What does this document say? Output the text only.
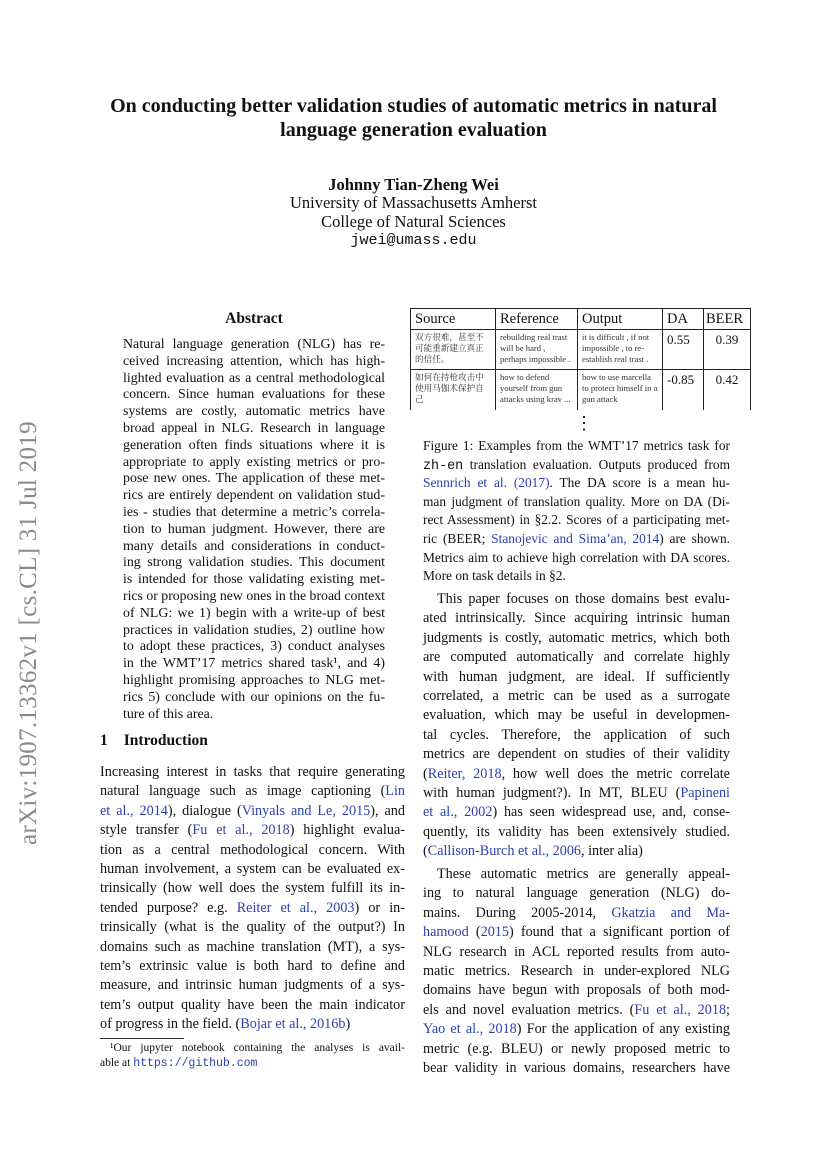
arXiv:1907.13362v1 [cs.CL] 31 Jul 2019
On conducting better validation studies of automatic metrics in natural
language generation evaluation
Johnny Tian-Zheng Wei
University of Massachusetts Amherst
College of Natural Sciences
jwei@umass.edu
Abstract
Natural language generation (NLG) has re-
ceived increasing attention, which has high-
lighted evaluation as a central methodological
concern. Since human evaluations for these
systems are costly, automatic metrics have
broad appeal in NLG. Research in language
generation often finds situations where it is
appropriate to apply existing metrics or pro-
pose new ones. The application of these met-
rics are entirely dependent on validation stud-
ies - studies that determine a metric’s correla-
tion to human judgment. However, there are
many details and considerations in conduct-
ing strong validation studies. This document
is intended for those validating existing met-
rics or proposing new ones in the broad context
of NLG: we 1) begin with a write-up of best
practices in validation studies, 2) outline how
to adopt these practices, 3) conduct analyses
in the WMT’17 metrics shared task¹, and 4)
highlight promising approaches to NLG met-
rics 5) conclude with our opinions on the fu-
ture of this area.
1 Introduction
Increasing interest in tasks that require generating
natural language such as image captioning (Lin
et al., 2014), dialogue (Vinyals and Le, 2015), and
style transfer (Fu et al., 2018) highlight evalua-
tion as a central methodological concern. With
human involvement, a system can be evaluated ex-
trinsically (how well does the system fulfill its in-
tended purpose? e.g. Reiter et al., 2003) or in-
trinsically (what is the quality of the output?) In
domains such as machine translation (MT), a sys-
tem’s extrinsic value is both hard to define and
measure, and intrinsic human judgments of a sys-
tem’s output quality have been the main indicator
of progress in the field. (Bojar et al., 2016b)
¹Our jupyter notebook containing the analyses is avail-
able at https://github.com
Source	Reference	Output	DA	BEER
双方很难，甚至不可能重新建立真正的信任。	rebuilding real trast will be hard , perhaps impossible .	it is difficult , if not impossible , to re-establish real trast .	0.55	0.39
如何在持枪攻击中使用马伽术保护自己	how to defend yourself from gun attacks using krav ...	how to use marcella to protect himself in a gun attack	-0.85	0.42
⋮
Figure 1: Examples from the WMT’17 metrics task for
zh-en translation evaluation. Outputs produced from
Sennrich et al. (2017). The DA score is a mean hu-
man judgment of translation quality. More on DA (Di-
rect Assessment) in §2.2. Scores of a participating met-
ric (BEER; Stanojevic and Sima’an, 2014) are shown.
Metrics aim to achieve high correlation with DA scores.
More on task details in §2.
This paper focuses on those domains best evalu-
ated intrinsically. Since acquiring intrinsic human
judgments is costly, automatic metrics, which both
are computed automatically and correlate highly
with human judgment, are ideal. If sufficiently
correlated, a metric can be used as a surrogate
evaluation, which may be useful in developmen-
tal cycles. Therefore, the application of such
metrics are dependent on studies of their validity
(Reiter, 2018, how well does the metric correlate
with human judgment?). In MT, BLEU (Papineni
et al., 2002) has seen widespread use, and, conse-
quently, its validity has been extensively studied.
(Callison-Burch et al., 2006, inter alia)
These automatic metrics are generally appeal-
ing to natural language generation (NLG) do-
mains. During 2005-2014, Gkatzia and Ma-
hamood (2015) found that a significant portion of
NLG research in ACL reported results from auto-
matic metrics. Research in under-explored NLG
domains have begun with proposals of both mod-
els and novel evaluation metrics. (Fu et al., 2018;
Yao et al., 2018) For the application of any existing
metric (e.g. BLEU) or newly proposed metric to
bear validity in various domains, researchers have
